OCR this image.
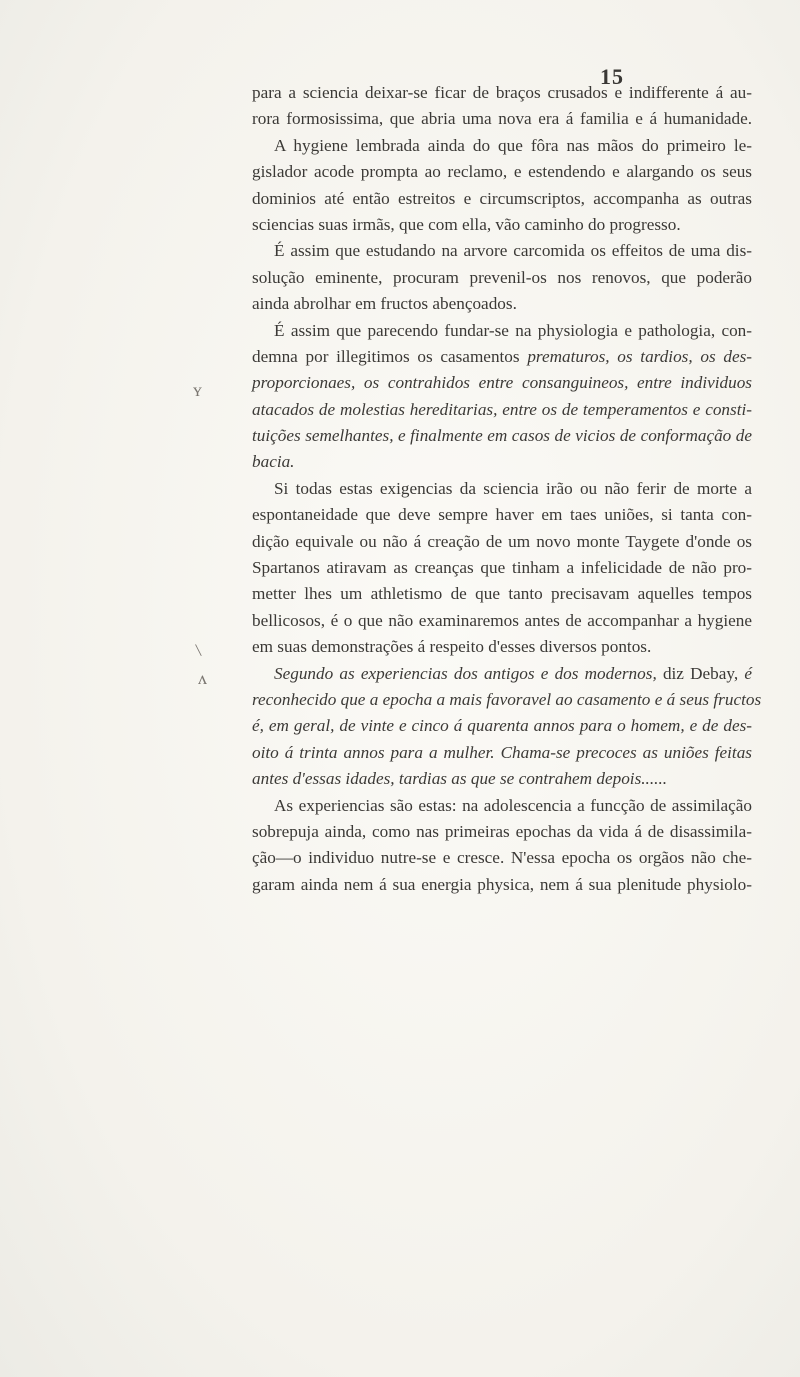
15
para a sciencia deixar-se ficar de braços crusados e indifferente á au-
rora formosissima, que abria uma nova era á familia e á humanidade.
A hygiene lembrada ainda do que fôra nas mãos do primeiro le-
gislador acode prompta ao reclamo, e estendendo e alargando os seus
dominios até então estreitos e circumscriptos, accompanha as outras
sciencias suas irmãs, que com ella, vão caminho do progresso.
É assim que estudando na arvore carcomida os effeitos de uma dis-
solução eminente, procuram prevenil-os nos renovos, que poderão
ainda abrolhar em fructos abençoados.
É assim que parecendo fundar-se na physiologia e pathologia, con-
demna por illegitimos os casamentos prematuros, os tardios, os des-
proporcionaes, os contrahidos entre consanguineos, entre individuos
atacados de molestias hereditarias, entre os de temperamentos e consti-
tuições semelhantes, e finalmente em casos de vicios de conformação de
bacia.
Si todas estas exigencias da sciencia irão ou não ferir de morte a
espontaneidade que deve sempre haver em taes uniões, si tanta con-
dição equivale ou não á creação de um novo monte Taygete d'onde os
Spartanos atiravam as creanças que tinham a infelicidade de não pro-
metter lhes um athletismo de que tanto precisavam aquelles tempos
bellicosos, é o que não examinaremos antes de accompanhar a hygiene
em suas demonstrações á respeito d'esses diversos pontos.
Segundo as experiencias dos antigos e dos modernos, diz Debay, é
reconhecido que a epocha a mais favoravel ao casamento e á seus fructos
é, em geral, de vinte e cinco á quarenta annos para o homem, e de des-
oito á trinta annos para a mulher. Chama-se precoces as uniões feitas
antes d'essas idades, tardias as que se contrahem depois......
As experiencias são estas: na adolescencia a funcção de assimilação
sobrepuja ainda, como nas primeiras epochas da vida á de disassimila-
ção—o individuo nutre-se e cresce. N'essa epocha os orgãos não che-
garam ainda nem á sua energia physica, nem á sua plenitude physiolo-
ʏ
\
ʌ
